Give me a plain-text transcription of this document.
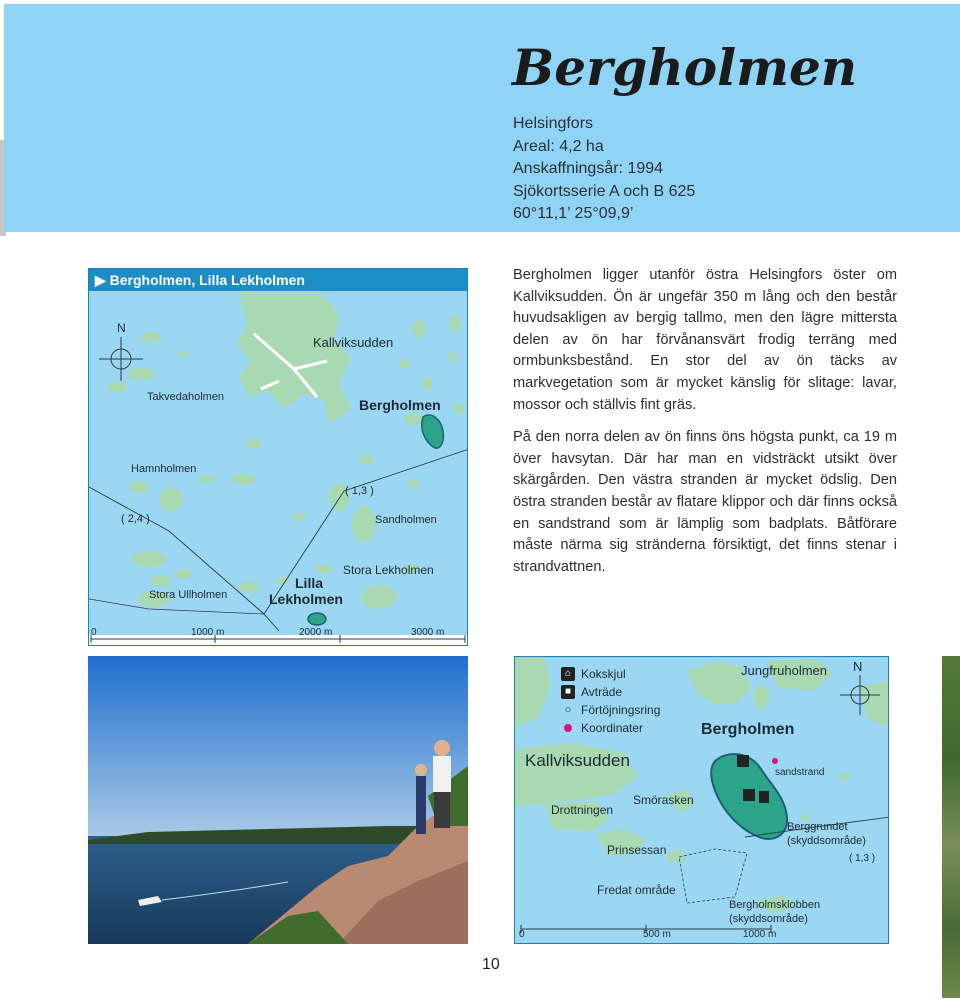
Bergholmen
Helsingfors
Areal: 4,2 ha
Anskaffningsår: 1994
Sjökortsserie A och B 625
60°11,1’ 25°09,9’
▶ Bergholmen, Lilla Lekholmen
N
Kallviksudden
Takvedaholmen	Bergholmen
Hamnholmen
( 1,3 )
( 2,4 )	Sandholmen
Stora Lekholmen
Lilla
Lekholmen
Stora Ullholmen
0	1000 m	2000 m	3000 m

Bergholmen ligger utanför östra Helsingfors öster om Kallviksudden. Ön är ungefär 350 m lång och den består huvudsakligen av bergig tallmo, men den lägre mittersta delen av ön har förvånansvärt frodig terräng med ormbunksbestånd. En stor del av ön täcks av markvegetation som är mycket känslig för slitage: lavar, mossor och ställvis fint gräs.

På den norra delen av ön finns öns högsta punkt, ca 19 m över havsytan. Där har man en vidsträckt utsikt över skärgården. Den västra stranden är mycket ödslig. Den östra stranden består av flatare klippor och där finns också en sandstrand som är lämplig som badplats. Båtförare måste närma sig stränderna försiktigt, det finns stenar i strandvattnen.

⌂ Kokskjul
■ Avträde
○ Förtöjningsring
Koordinater
N
Jungfruholmen
Bergholmen
Kallviksudden
sandstrand
Smörasken
Drottningen
Berggrundet
(skyddsområde)
Prinsessan
( 1,3 )
Fredat område
Bergholmsklobben
(skyddsområde)
0	500 m	1000 m
10
